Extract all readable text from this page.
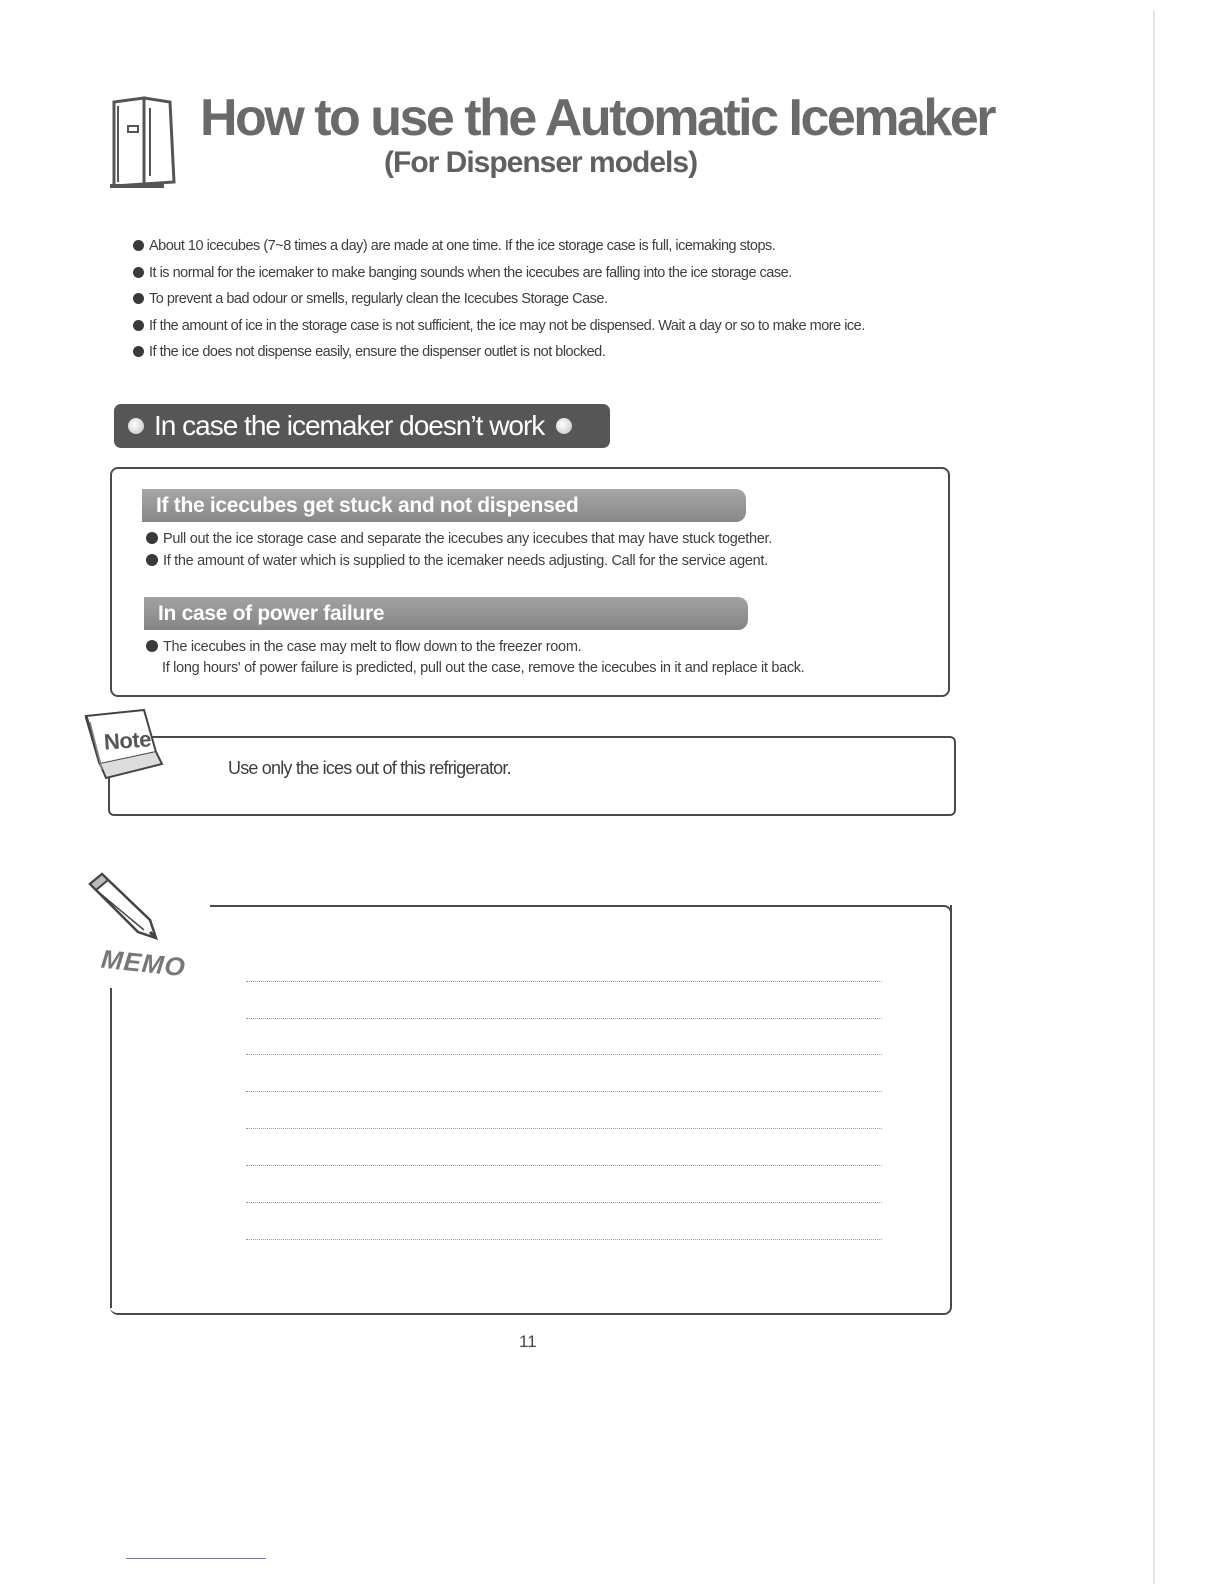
How to use the Automatic Icemaker
(For Dispenser models)
About 10 icecubes (7~8 times a day) are made at one time. If the ice storage case is full, icemaking stops.
It is normal for the icemaker to make banging sounds when the icecubes are falling into the ice storage case.
To prevent a bad odour or smells, regularly clean the Icecubes Storage Case.
If the amount of ice in the storage case is not sufficient, the ice may not be dispensed. Wait a day or so to make more ice.
If the ice does not dispense easily, ensure the dispenser outlet is not blocked.
In case the icemaker doesn’t work
If the icecubes get stuck and not dispensed
Pull out the ice storage case and separate the icecubes any icecubes that may have stuck together.
If the amount of water which is supplied to the icemaker needs adjusting. Call for the service agent.
In case of power failure
The icecubes in the case may melt to flow down to the freezer room.
If long hours' of power failure is predicted, pull out the case, remove the icecubes in it and replace it back.
Note
Use only the ices out of this refrigerator.
MEMO
11
